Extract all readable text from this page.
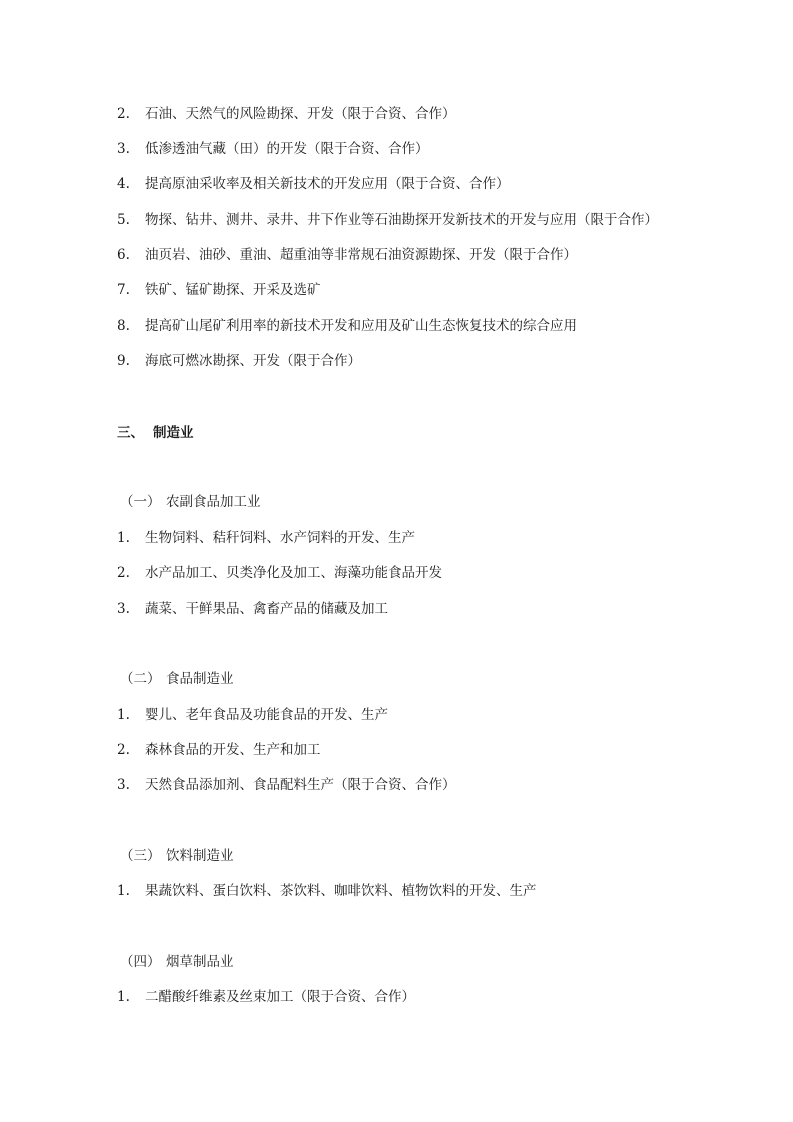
2. 石油、天然气的风险勘探、开发（限于合资、合作）
3. 低渗透油气藏（田）的开发（限于合资、合作）
4. 提高原油采收率及相关新技术的开发应用（限于合资、合作）
5. 物探、钻井、测井、录井、井下作业等石油勘探开发新技术的开发与应用（限于合作）
6. 油页岩、油砂、重油、超重油等非常规石油资源勘探、开发（限于合作）
7. 铁矿、锰矿勘探、开采及选矿
8. 提高矿山尾矿利用率的新技术开发和应用及矿山生态恢复技术的综合应用
9. 海底可燃冰勘探、开发（限于合作）
三、 制造业
（一） 农副食品加工业
1. 生物饲料、秸秆饲料、水产饲料的开发、生产
2. 水产品加工、贝类净化及加工、海藻功能食品开发
3. 蔬菜、干鲜果品、禽畜产品的储藏及加工
（二） 食品制造业
1. 婴儿、老年食品及功能食品的开发、生产
2. 森林食品的开发、生产和加工
3. 天然食品添加剂、食品配料生产（限于合资、合作）
（三） 饮料制造业
1. 果蔬饮料、蛋白饮料、茶饮料、咖啡饮料、植物饮料的开发、生产
（四） 烟草制品业
1. 二醋酸纤维素及丝束加工（限于合资、合作）
